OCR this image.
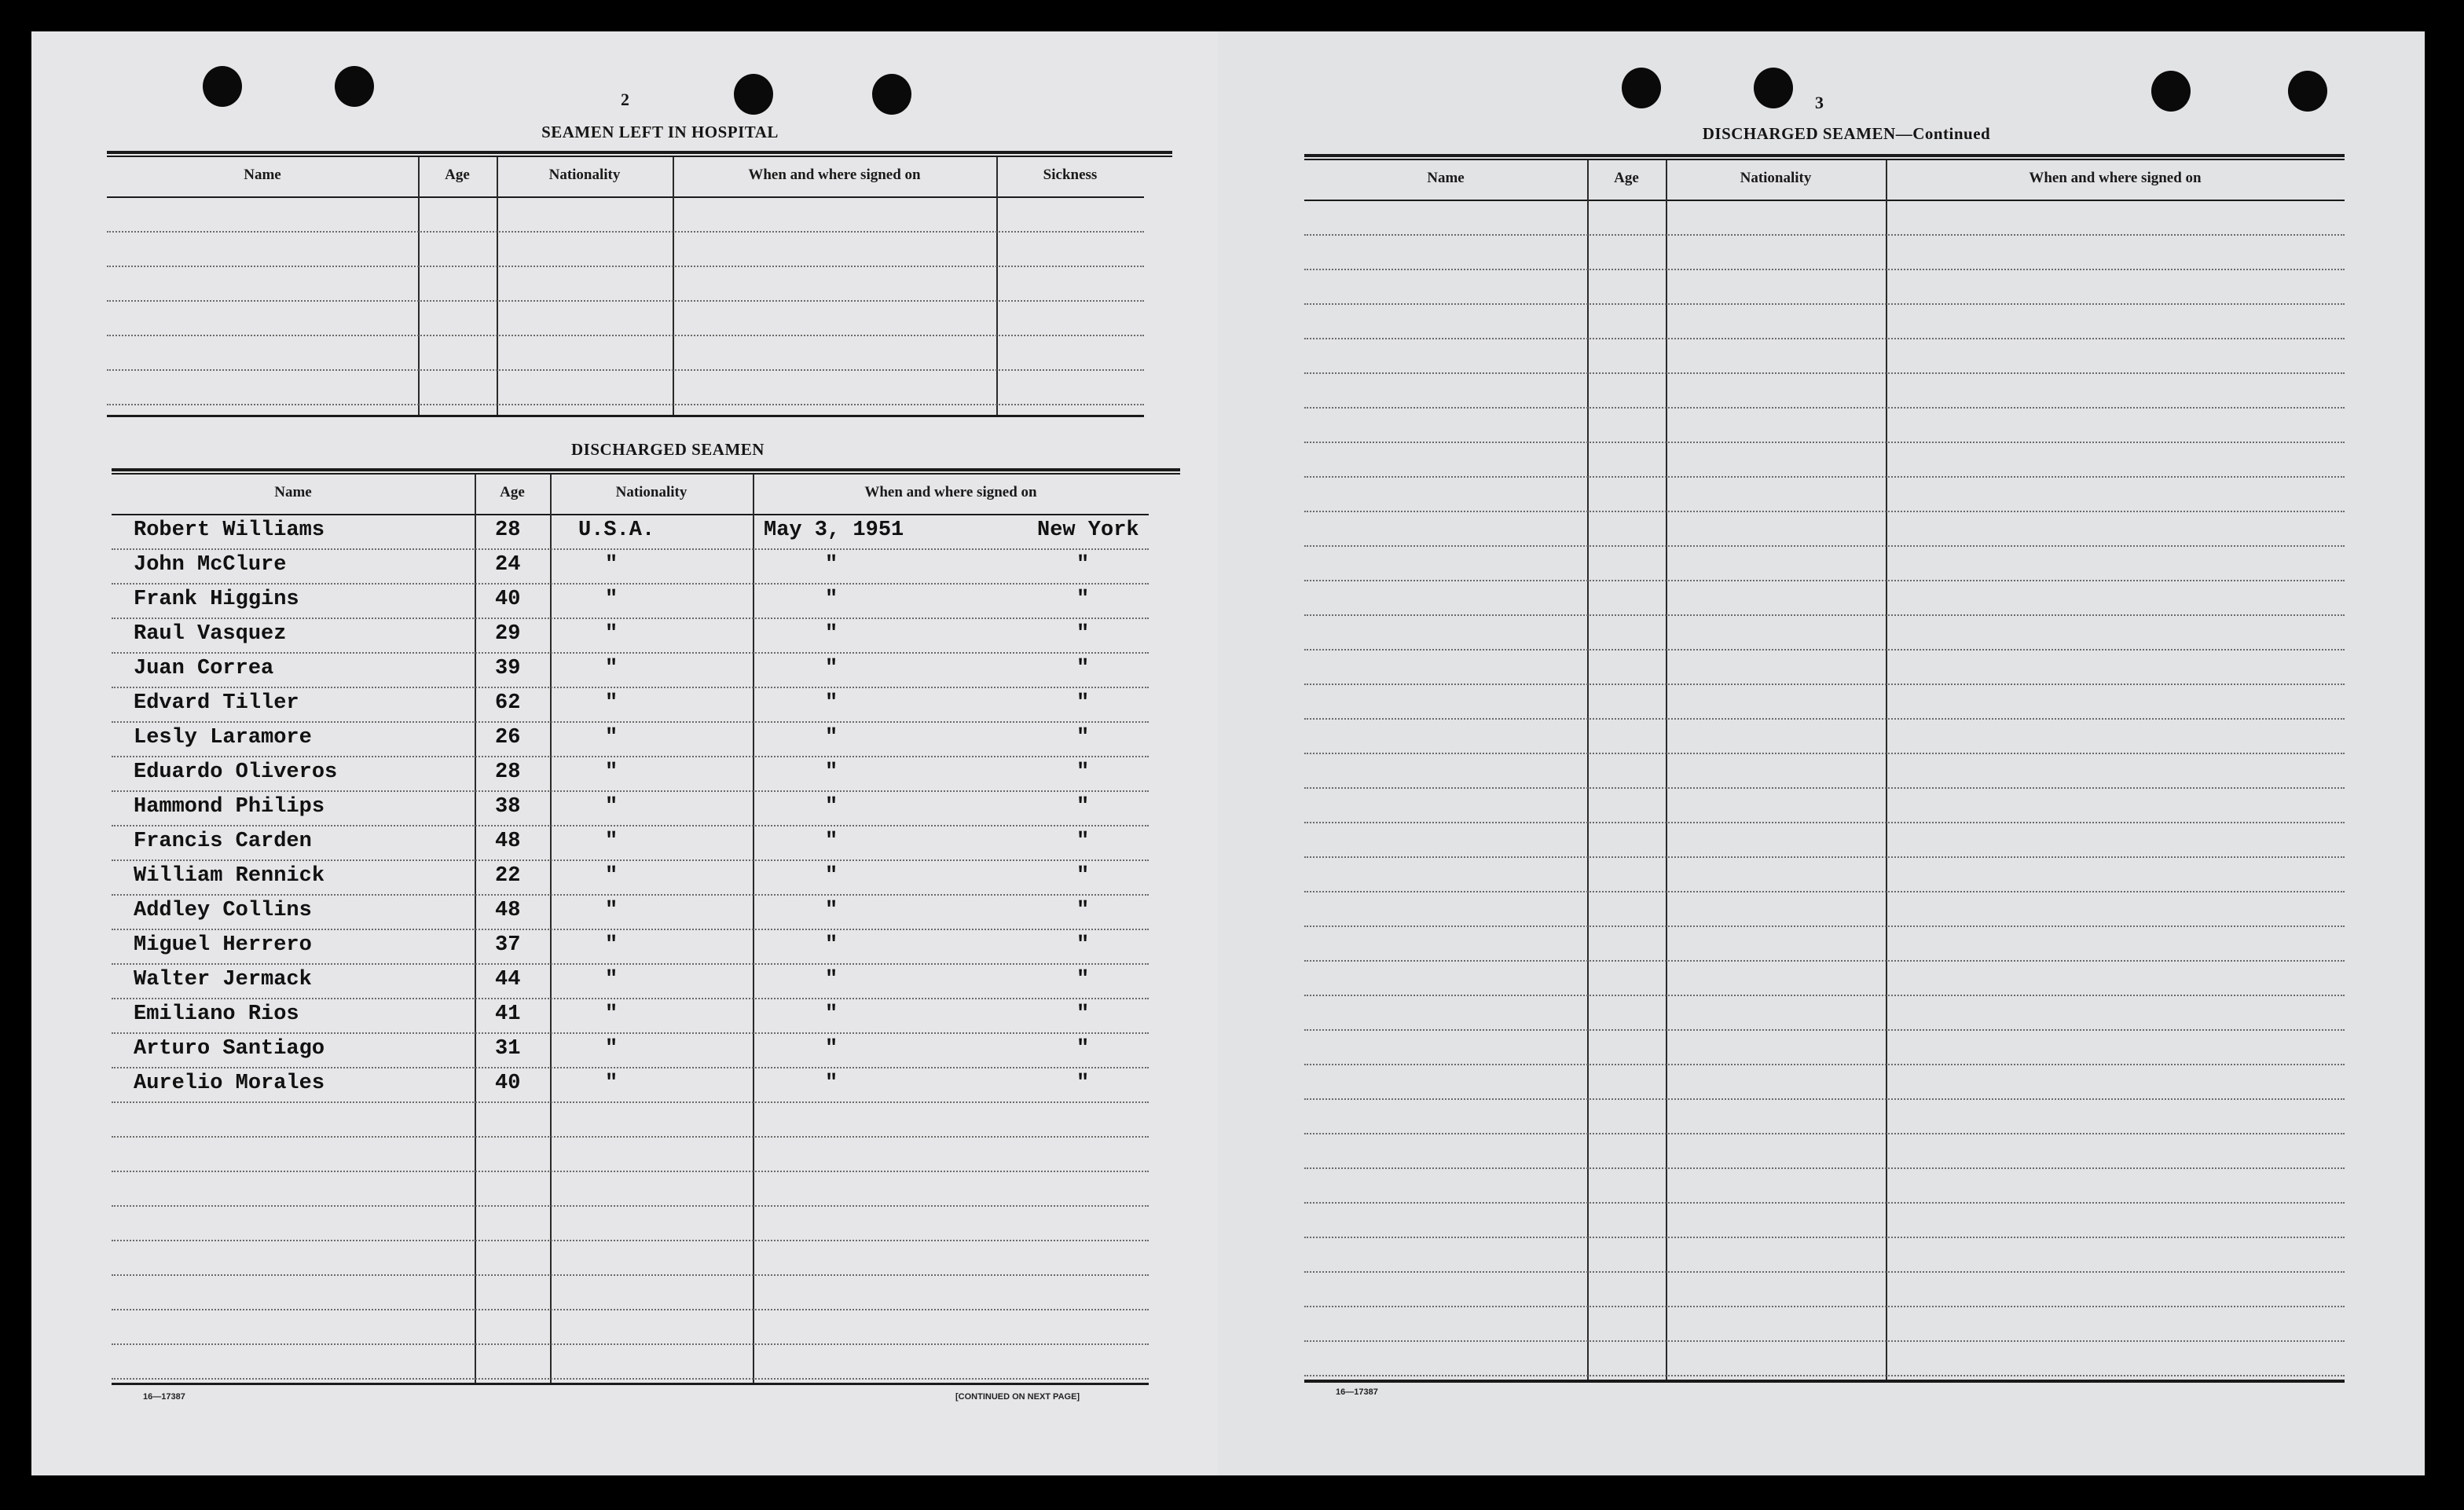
2
SEAMEN LEFT IN HOSPITAL
Name	Age	Nationality	When and where signed on	Sickness
DISCHARGED SEAMEN
Name	Age	Nationality	When and where signed on
Robert Williams	28	U.S.A.	May 3, 1951	New York
John McClure	24	"	"	"
Frank Higgins	40	"	"	"
Raul Vasquez	29	"	"	"
Juan Correa	39	"	"	"
Edvard Tiller	62	"	"	"
Lesly Laramore	26	"	"	"
Eduardo Oliveros	28	"	"	"
Hammond Philips	38	"	"	"
Francis Carden	48	"	"	"
William Rennick	22	"	"	"
Addley Collins	48	"	"	"
Miguel Herrero	37	"	"	"
Walter Jermack	44	"	"	"
Emiliano Rios	41	"	"	"
Arturo Santiago	31	"	"	"
Aurelio Morales	40	"	"	"
16—17387	[CONTINUED ON NEXT PAGE]
3
DISCHARGED SEAMEN—Continued
Name	Age	Nationality	When and where signed on
16—17387
